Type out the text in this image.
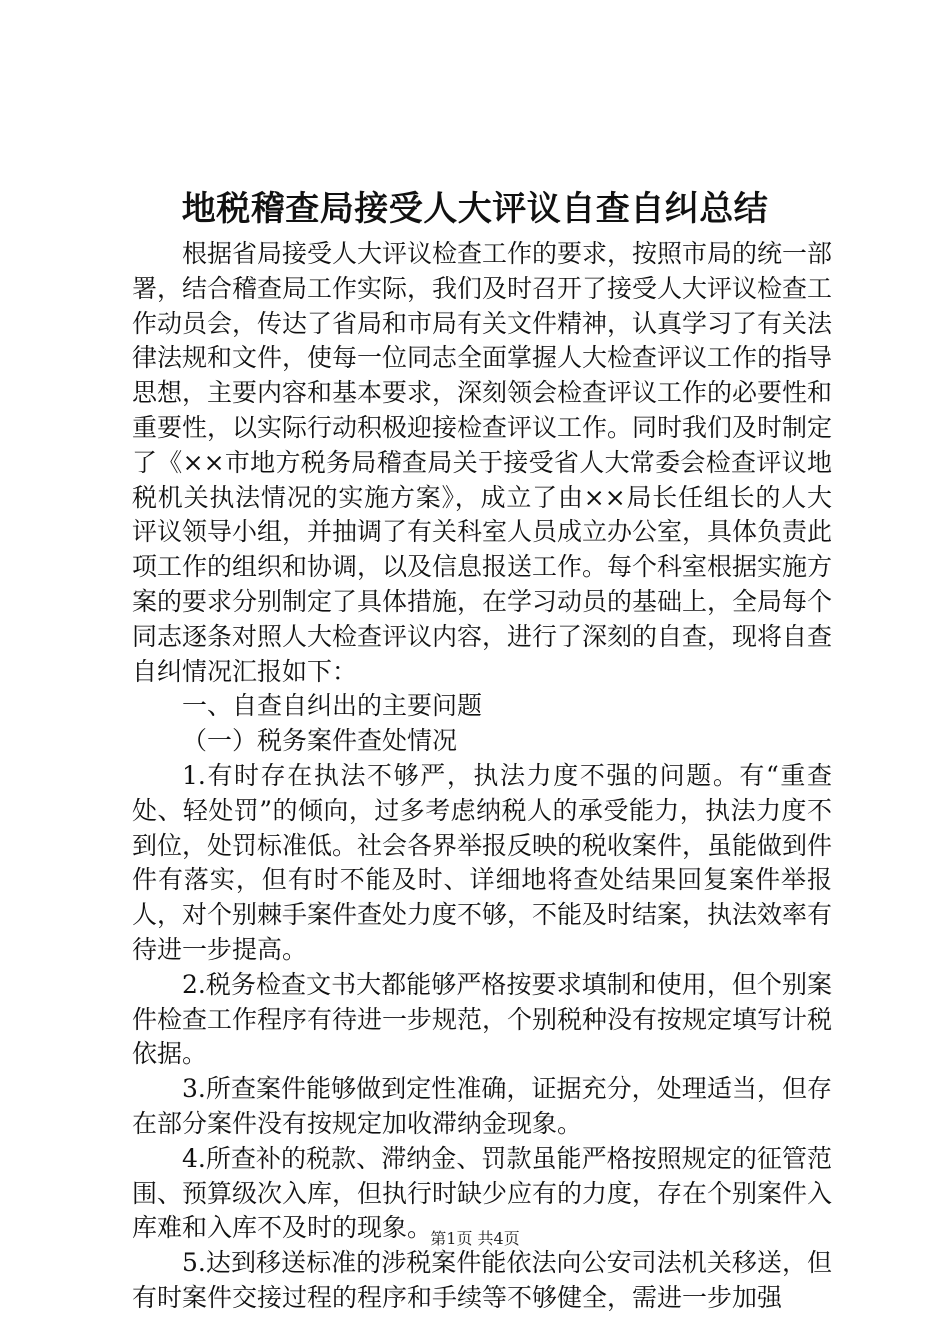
地税稽查局接受人大评议自查自纠总结

根据省局接受人大评议检查工作的要求，按照市局的统一部署，结合稽查局工作实际，我们及时召开了接受人大评议检查工作动员会，传达了省局和市局有关文件精神，认真学习了有关法律法规和文件，使每一位同志全面掌握人大检查评议工作的指导思想，主要内容和基本要求，深刻领会检查评议工作的必要性和重要性，以实际行动积极迎接检查评议工作。同时我们及时制定了《××市地方税务局稽查局关于接受省人大常委会检查评议地税机关执法情况的实施方案》，成立了由××局长任组长的人大评议领导小组，并抽调了有关科室人员成立办公室，具体负责此项工作的组织和协调，以及信息报送工作。每个科室根据实施方案的要求分别制定了具体措施，在学习动员的基础上，全局每个同志逐条对照人大检查评议内容，进行了深刻的自查，现将自查自纠情况汇报如下：

一、自查自纠出的主要问题

（一）税务案件查处情况

1.有时存在执法不够严，执法力度不强的问题。有“重查处、轻处罚”的倾向，过多考虑纳税人的承受能力，执法力度不到位，处罚标准低。社会各界举报反映的税收案件，虽能做到件件有落实，但有时不能及时、详细地将查处结果回复案件举报人，对个别棘手案件查处力度不够，不能及时结案，执法效率有待进一步提高。

2.税务检查文书大都能够严格按要求填制和使用，但个别案件检查工作程序有待进一步规范，个别税种没有按规定填写计税依据。

3.所查案件能够做到定性准确，证据充分，处理适当，但存在部分案件没有按规定加收滞纳金现象。

4.所查补的税款、滞纳金、罚款虽能严格按照规定的征管范围、预算级次入库，但执行时缺少应有的力度，存在个别案件入库难和入库不及时的现象。

5.达到移送标准的涉税案件能依法向公安司法机关移送，但有时案件交接过程的程序和手续等不够健全，需进一步加强

第1页 共4页
